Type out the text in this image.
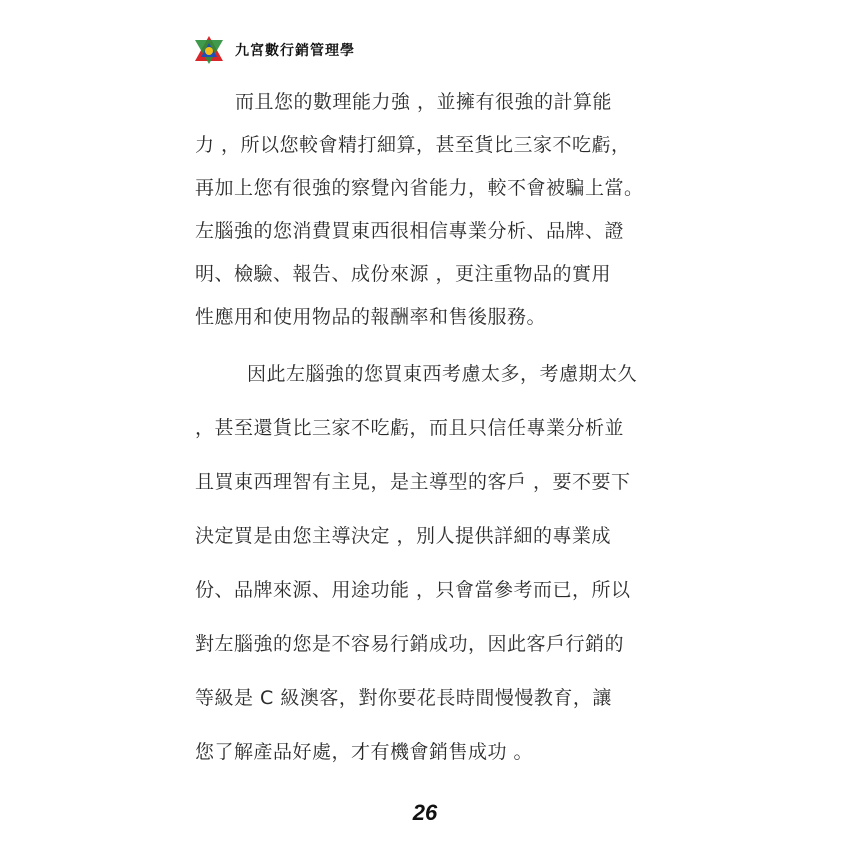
九宮數行銷管理學
而且您的數理能力強 ，並擁有很強的計算能
力 ，所以您較會精打細算，甚至貨比三家不吃虧，
再加上您有很強的察覺內省能力，較不會被騙上當。
左腦強的您消費買東西很相信專業分析、品牌、證
明、檢驗、報告、成份來源 ，更注重物品的實用
性應用和使用物品的報酬率和售後服務。
因此左腦強的您買東西考慮太多，考慮期太久
，甚至還貨比三家不吃虧，而且只信任專業分析並
且買東西理智有主見，是主導型的客戶 ，要不要下
決定買是由您主導決定 ，別人提供詳細的專業成
份、品牌來源、用途功能 ，只會當參考而已，所以
對左腦強的您是不容易行銷成功，因此客戶行銷的
等級是 C 級澳客，對你要花長時間慢慢教育，讓
您了解產品好處，才有機會銷售成功 。
26
